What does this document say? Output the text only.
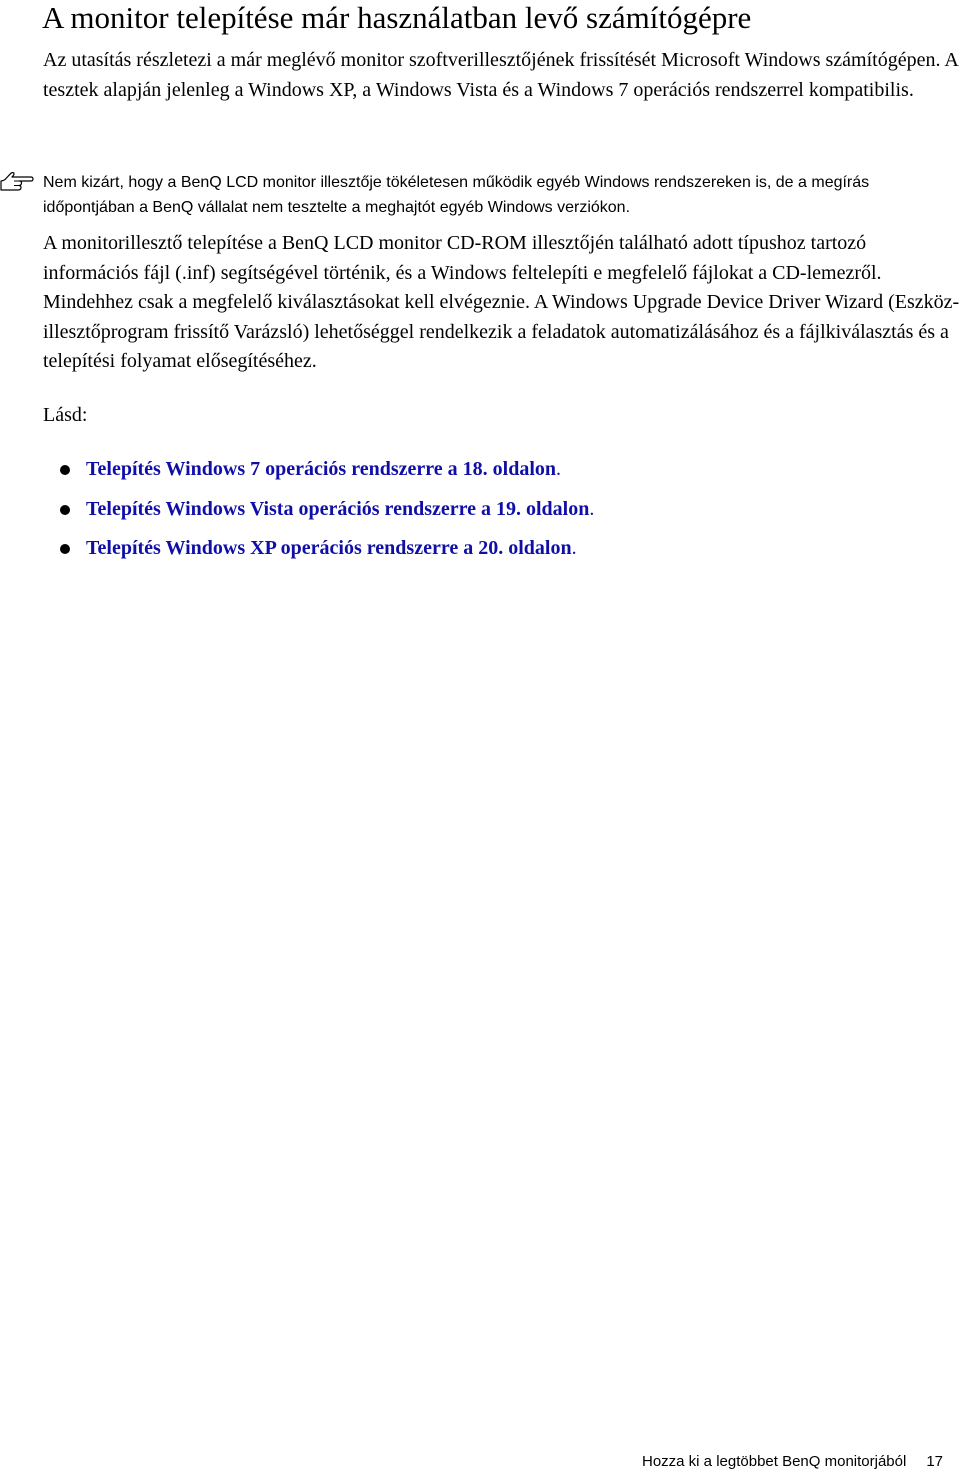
A monitor telepítése már használatban levő számítógépre

Az utasítás részletezi a már meglévő monitor szoftverillesztőjének frissítését Microsoft Windows számítógépen. A tesztek alapján jelenleg a Windows XP, a Windows Vista és a Windows 7 operációs rendszerrel kompatibilis.

Nem kizárt, hogy a BenQ LCD monitor illesztője tökéletesen működik egyéb Windows rendszereken is, de a megírás időpontjában a BenQ vállalat nem tesztelte a meghajtót egyéb Windows verziókon.

A monitorillesztő telepítése a BenQ LCD monitor CD-ROM illesztőjén található adott típushoz tartozó információs fájl (.inf) segítségével történik, és a Windows feltelepíti e megfelelő fájlokat a CD-lemezről. Mindehhez csak a megfelelő kiválasztásokat kell elvégeznie. A Windows Upgrade Device Driver Wizard (Eszköz-illesztőprogram frissítő Varázsló) lehetőséggel rendelkezik a feladatok automatizálásához és a fájlkiválasztás és a telepítési folyamat elősegítéséhez.

Lásd:

Telepítés Windows 7 operációs rendszerre a 18. oldalon.
Telepítés Windows Vista operációs rendszerre a 19. oldalon.
Telepítés Windows XP operációs rendszerre a 20. oldalon.
Hozza ki a legtöbbet BenQ monitorjából 17
